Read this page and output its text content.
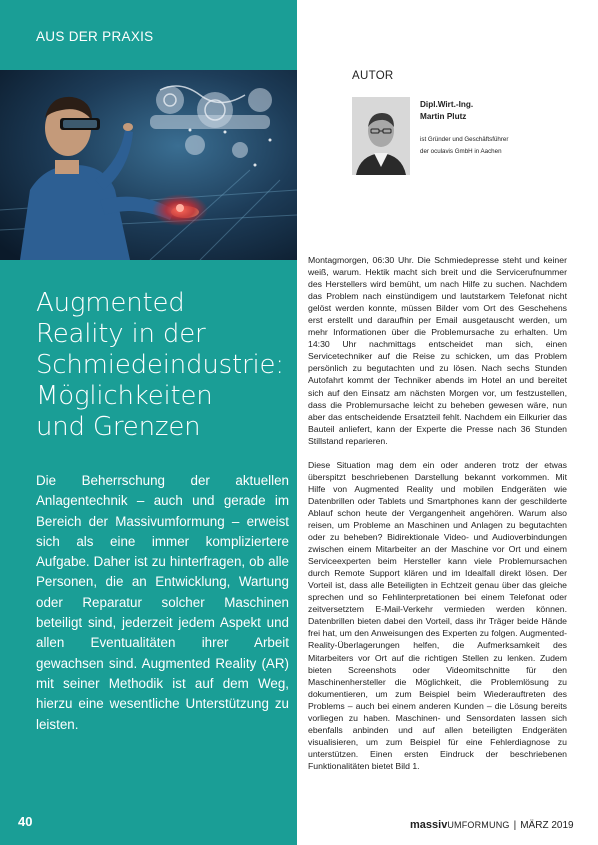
AUS DER PRAXIS
Augmented
Reality in der
Schmiedeindustrie:
Möglichkeiten
und Grenzen

Die Beherrschung der aktuellen Anlagentechnik – auch und gerade im Bereich der Massivumformung – erweist sich als eine immer kompliziertere Aufgabe. Daher ist zu hinterfragen, ob alle Personen, die an Entwicklung, Wartung oder Reparatur solcher Maschinen beteiligt sind, jederzeit jedem Aspekt und allen Eventualitäten ihrer Arbeit gewachsen sind. Augmented Reality (AR) mit seiner Methodik ist auf dem Weg, hierzu eine wesentliche Unterstützung zu leisten.

40
AUTOR
Dipl.Wirt.-Ing.
Martin Plutz
ist Gründer und Geschäftsführer
der oculavis GmbH in Aachen

Montagmorgen, 06:30 Uhr. Die Schmiedepresse steht und keiner weiß, warum. Hektik macht sich breit und die Servicerufnummer des Herstellers wird bemüht, um nach Hilfe zu suchen. Nachdem das Problem nach einstündigem und lautstarkem Telefonat nicht gelöst werden konnte, müssen Bilder vom Ort des Geschehens erst erstellt und daraufhin per Email ausgetauscht werden, um mehr Informationen über die Problemursache zu erhalten. Um 14:30 Uhr nachmittags entscheidet man sich, einen Servicetechniker auf die Reise zu schicken, um das Problem persönlich zu begutachten und zu lösen. Nach sechs Stunden Autofahrt kommt der Techniker abends im Hotel an und bereitet sich auf den Einsatz am nächsten Morgen vor, um festzustellen, dass die Problemursache leicht zu beheben gewesen wäre, nun aber das entscheidende Ersatzteil fehlt. Nachdem ein Eilkurier das Bauteil anliefert, kann der Experte die Presse nach 36 Stunden Stillstand reparieren.

Diese Situation mag dem ein oder anderen trotz der etwas überspitzt beschriebenen Darstellung bekannt vorkommen. Mit Hilfe von Augmented Reality und mobilen Endgeräten wie Datenbrillen oder Tablets und Smartphones kann der geschilderte Ablauf schon heute der Vergangenheit angehören. Warum also reisen, um Probleme an Maschinen und Anlagen zu begutachten oder zu beheben? Bidirektionale Video- und Audioverbindungen zwischen einem Mitarbeiter an der Maschine vor Ort und einem Serviceexperten beim Hersteller kann viele Problemursachen durch Remote Support klären und im Idealfall direkt lösen. Der Vorteil ist, dass alle Beteiligten in Echtzeit genau über das gleiche sprechen und so Fehlinterpretationen bei einem Telefonat oder zeitversetztem E-Mail-Verkehr vermieden werden können. Datenbrillen bieten dabei den Vorteil, dass ihr Träger beide Hände frei hat, um den Anweisungen des Experten zu folgen. Augmented-Reality-Überlagerungen helfen, die Aufmerksamkeit des Mitarbeiters vor Ort auf die richtigen Stellen zu lenken. Zudem bieten Screenshots oder Videomitschnitte für den Maschinenhersteller die Möglichkeit, die Problemlösung zu dokumentieren, um zum Beispiel beim Wiederauftreten des Problems – auch bei einem anderen Kunden – die Lösung bereits vorliegen zu haben. Maschinen- und Sensordaten lassen sich ebenfalls anbinden und auf allen beteiligten Endgeräten visualisieren, um zum Beispiel für eine Fehlerdiagnose zu unterstützen. Einen ersten Eindruck der beschriebenen Funktionalitäten bietet Bild 1.

massivUMFORMUNG | MÄRZ 2019
